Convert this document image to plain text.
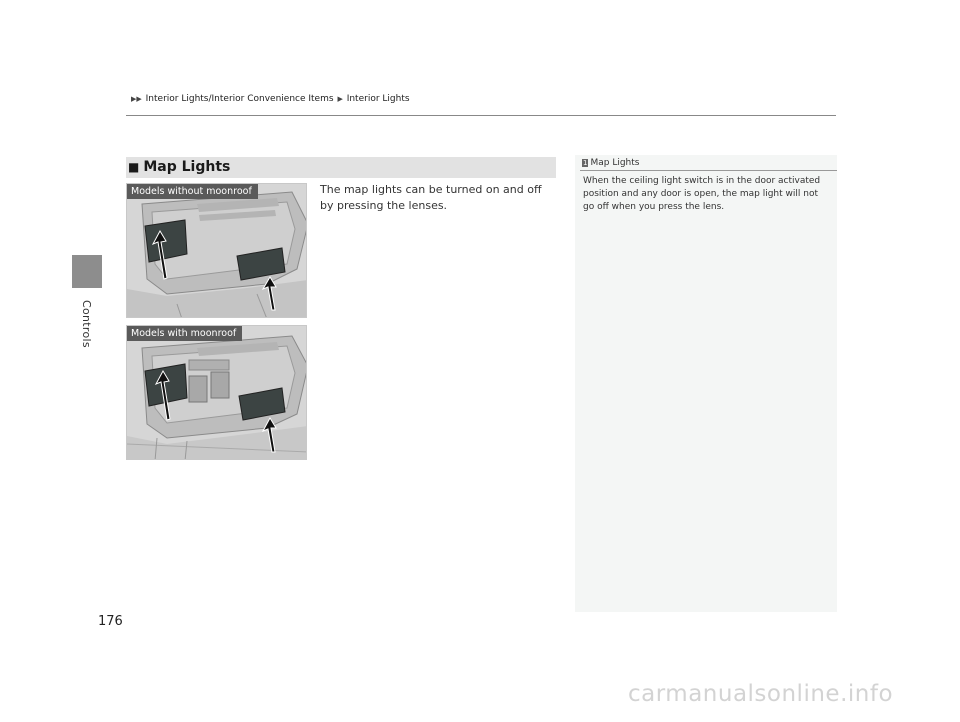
Controls
▶▶ Interior Lights/Interior Convenience Items ▶ Interior Lights
■ Map Lights
The map lights can be turned on and off by pressing the lenses.
Models without moonroof
Models with moonroof
1 Map Lights
When the ceiling light switch is in the door activated position and any door is open, the map light will not go off when you press the lens.
176
carmanualsonline.info
